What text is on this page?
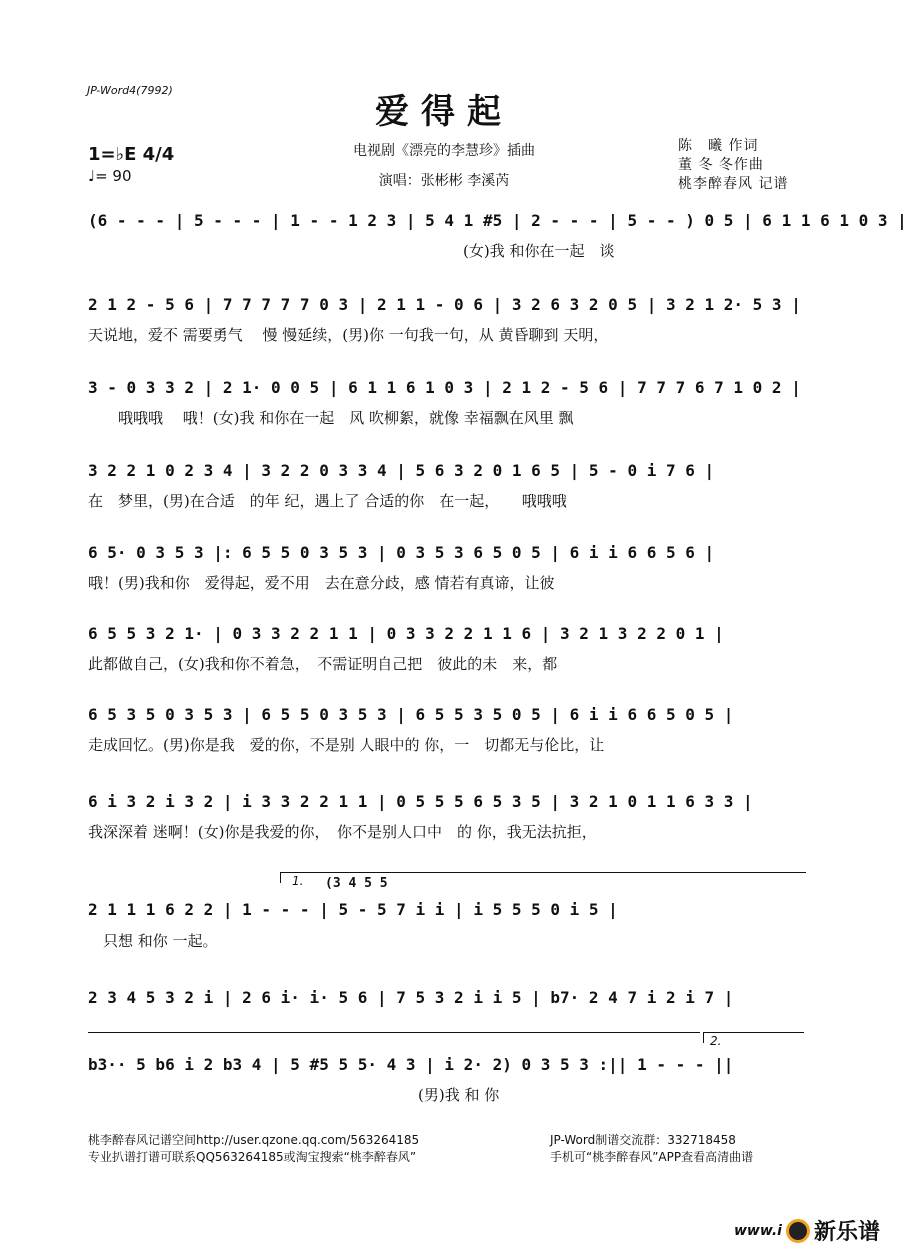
JP-Word4(7992)
爱得起
电视剧《漂亮的李慧珍》插曲
演唱：张彬彬 李溪芮
1=♭E 4/4
♩= 90
陈　曦 作词
董 冬 冬作曲
桃李醉春风 记谱
(6 - - - | 5 - - - | 1 - - 1 2 3 | 5 4 1 #5 | 2 - - - | 5 - - ) 0 5 | 6 1 1 6 1 0 3 |
　　　　　　　　　　　　　　　　　　　　　　　　　(女)我 和你在一起　谈
2 1 2 - 5 6 | 7 7 7 7 7 0 3 | 2 1 1 - 0 6 | 3 2 6 3 2 0 5 | 3 2 1 2· 5 3 |
天说地，爱不 需要勇气　 慢 慢延续，(男)你 一句我一句，从 黄昏聊到 天明，
3 - 0 3 3 2 | 2 1· 0 0 5 | 6 1 1 6 1 0 3 | 2 1 2 - 5 6 | 7 7 7 6 7 1 0 2 |
　　哦哦哦　 哦！(女)我 和你在一起　风 吹柳絮，就像 幸福飘在风里 飘
3 2 2 1 0 2 3 4 | 3 2 2 0 3 3 4 | 5 6 3 2 0 1 6 5 | 5 - 0 i 7 6 |
在　梦里，(男)在合适　的年 纪，遇上了 合适的你　在一起，　　哦哦哦
6 5· 0 3 5 3 |: 6 5 5 0 3 5 3 | 0 3 5 3 6 5 0 5 | 6 i i 6 6 5 6 |
哦！(男)我和你　爱得起，爱不用　去在意分歧，感 情若有真谛，让彼
6 5 5 3 2 1· | 0 3 3 2 2 1 1 | 0 3 3 2 2 1 1 6 | 3 2 1 3 2 2 0 1 |
此都做自己，(女)我和你不着急，　不需证明自己把　彼此的未　来，都
6 5 3 5 0 3 5 3 | 6 5 5 0 3 5 3 | 6 5 5 3 5 0 5 | 6 i i 6 6 5 0 5 |
走成回忆。(男)你是我　爱的你，不是别 人眼中的 你，一　切都无与伦比，让
6 i 3 2 i 3 2 | i 3 3 2 2 1 1 | 0 5 5 5 6 5 3 5 | 3 2 1 0 1 1 6 3 3 |
我深深着 迷啊！(女)你是我爱的你，　你不是别人口中　的 你，我无法抗拒，
1. (3 4 5 5
2 1 1 1 6 2 2 | 1 - - - | 5 - 5 7 i i | i 5 5 5 0 i 5 |
　只想 和你 一起。
2 3 4 5 3 2 i | 2 6 i· i· 5 6 | 7 5 3 2 i i 5 | b7· 2 4 7 i 2 i 7 |
2.
b3·· 5 b6 i 2 b3 4 | 5 #5 5 5· 4 3 | i 2· 2) 0 3 5 3 :|| 1 - - - ||
　　　　　　　　　　　　　　　　　　　　　　(男)我 和 你
桃李醉春风记谱空间http://user.qzone.qq.com/563264185
专业扒谱打谱可联系QQ563264185或淘宝搜索“桃李醉春风”
JP-Word制谱交流群：332718458
手机可“桃李醉春风”APP查看高清曲谱
www.i 新乐谱
